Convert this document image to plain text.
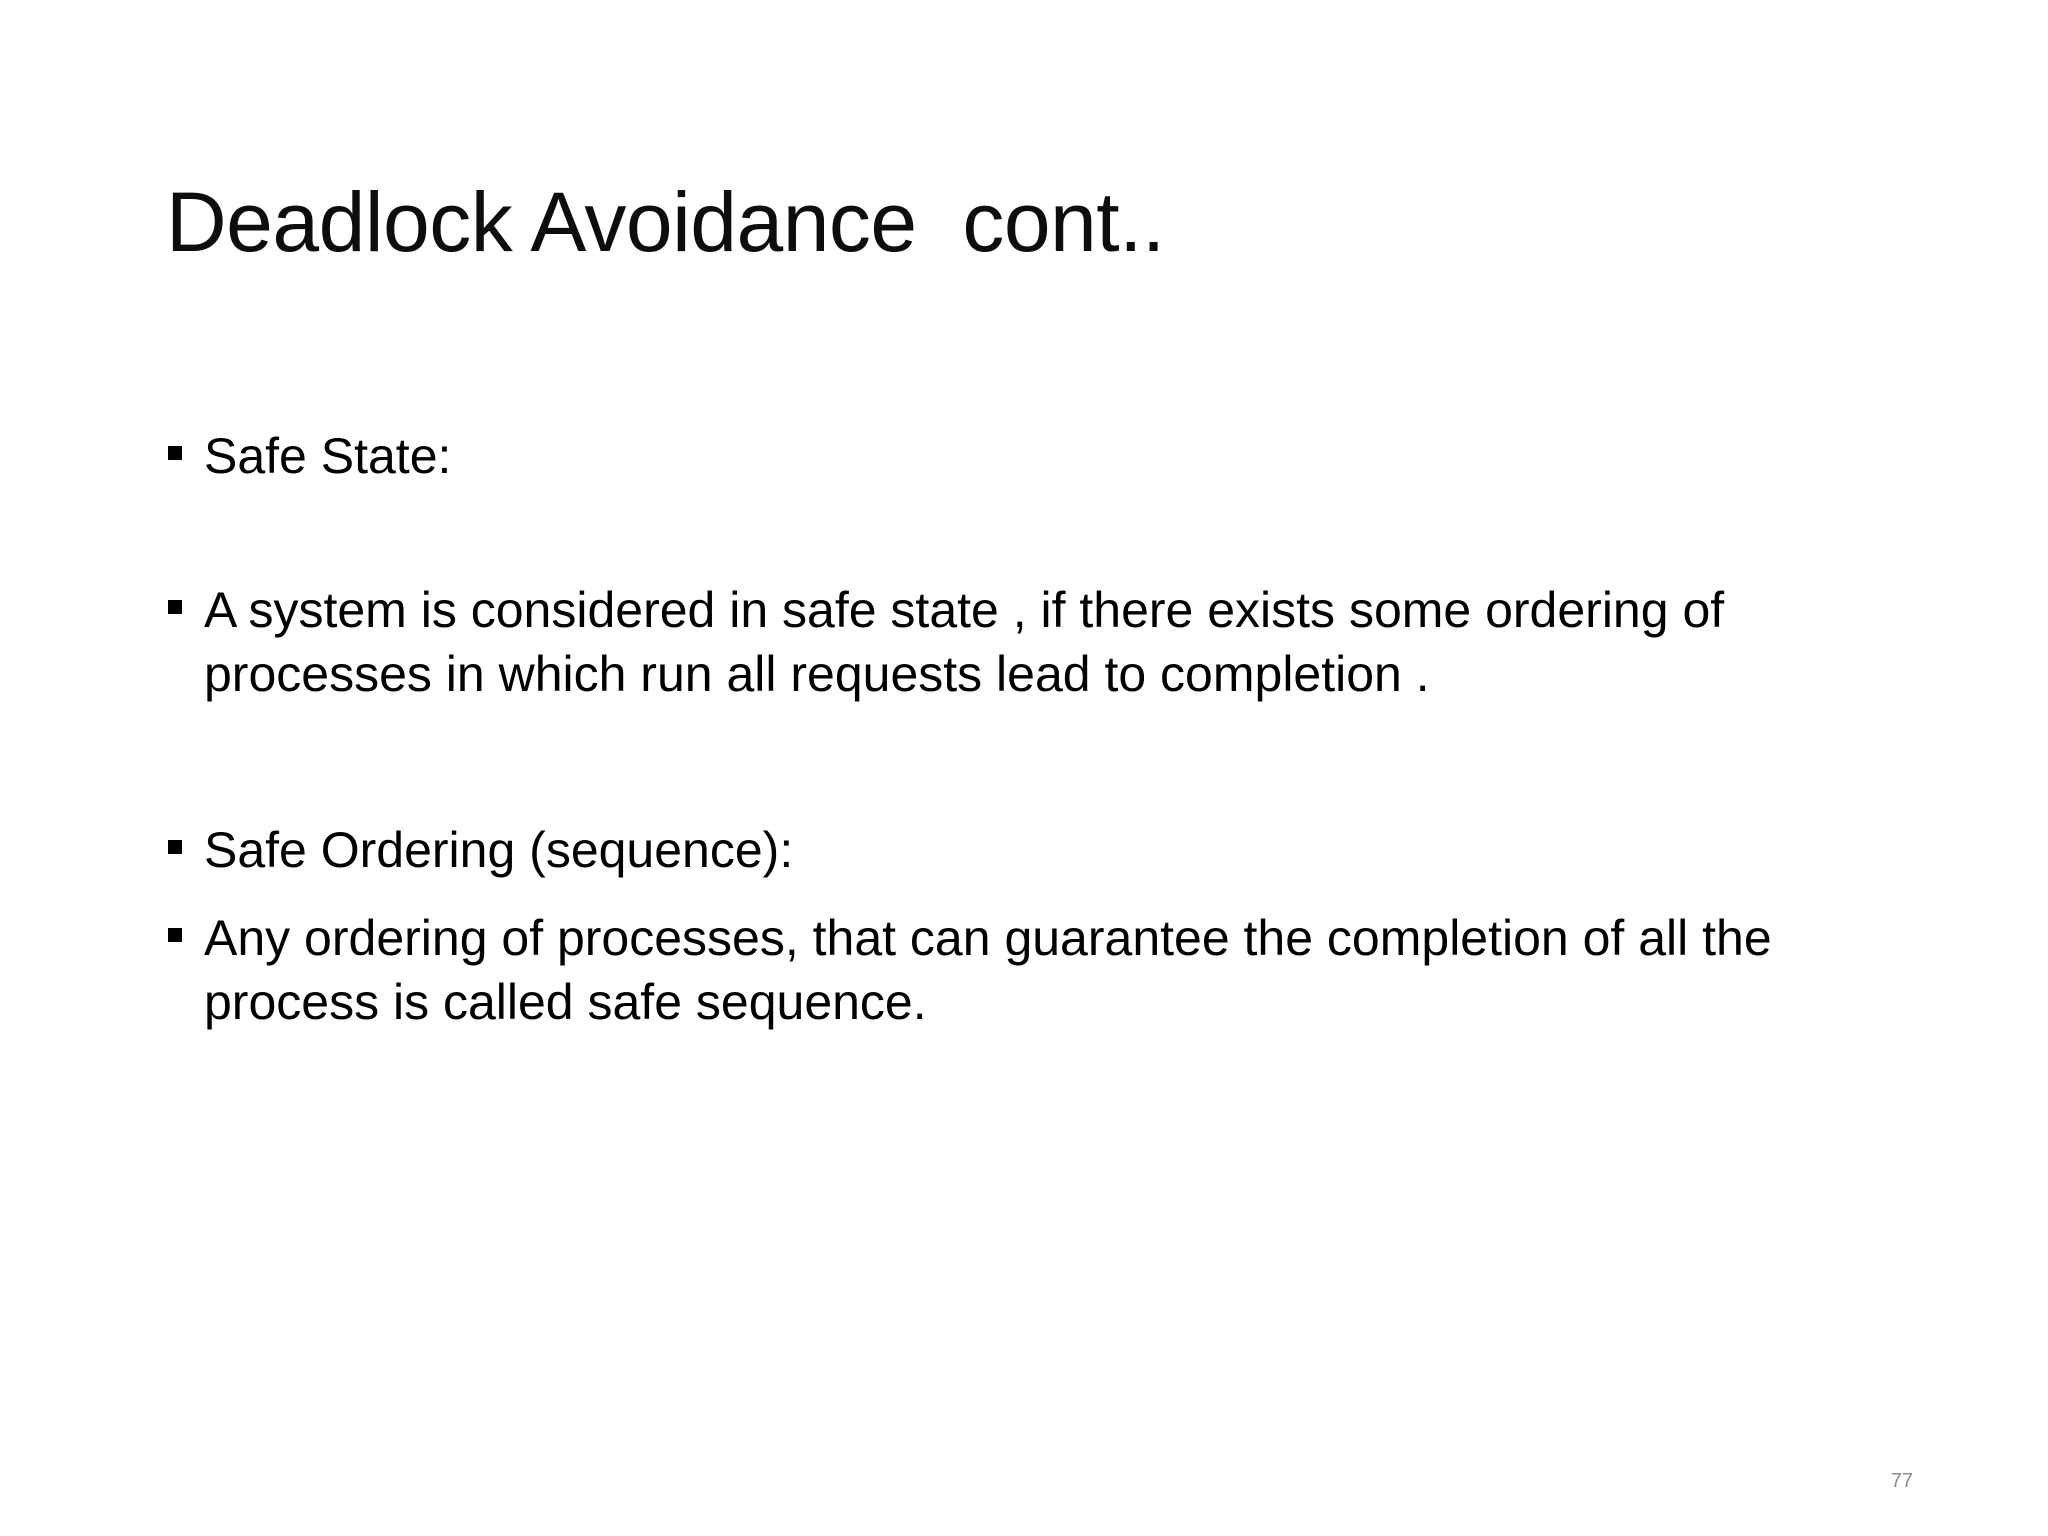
Deadlock Avoidance  cont..
Safe State:
A system is considered in safe state , if there exists some ordering of processes in which run all requests lead to completion .
Safe Ordering (sequence):
Any ordering of processes, that can guarantee the completion of all the process is called safe sequence.
77
